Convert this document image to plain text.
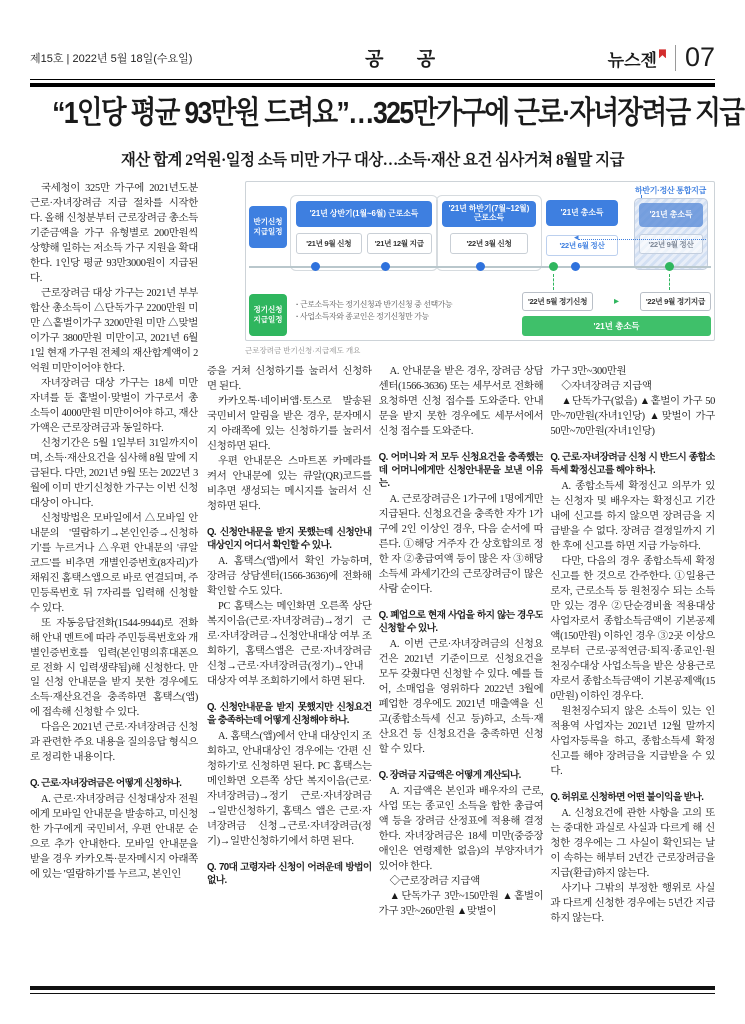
제15호 | 2022년 5월 18일(수요일)	공 공	뉴스젠	07
“1인당 평균 93만원 드려요”…325만가구에 근로·자녀장려금 지급
재산 합계 2억원·일정 소득 미만 가구 대상…소득·재산 요건 심사거쳐 8월말 지급

국세청이 325만 가구에 2021년도분 근로·자녀장려금 지급 절차를 시작한다. 올해 신청분부터 근로장려금 총소득기준금액을 가구 유형별로 200만원씩 상향해 일하는 저소득 가구 지원을 확대한다. 1인당 평균 93만3000원이 지급된다.

근로장려금 대상 가구는 2021년 부부 합산 총소득이 △단독가구 2200만원 미만 △홑벌이가구 3200만원 미만 △맞벌이가구 3800만원 미만이고, 2021년 6월 1일 현재 가구원 전체의 재산합계액이 2억원 미만이어야 한다.

자녀장려금 대상 가구는 18세 미만 자녀를 둔 홑벌이·맞벌이 가구로서 총소득이 4000만원 미만이어야 하고, 재산가액은 근로장려금과 동일하다.

신청기간은 5월 1일부터 31일까지이며, 소득·재산요건을 심사해 8월 말에 지급된다. 다만, 2021년 9월 또는 2022년 3월에 이미 반기신청한 가구는 이번 신청대상이 아니다.

신청방법은 모바일에서 △모바일 안내문의 '열람하기→본인인증→신청하기'를 누르거나 △우편 안내문의 '큐알코드'를 비추면 개별인증번호(8자리)가 채워진 홈택스앱으로 바로 연결되며, 주민등록번호 뒤 7자리를 입력해 신청할 수 있다.

또 자동응답전화(1544-9944)로 전화해 안내 멘트에 따라 주민등록번호와 개별인증번호를 입력(본인명의휴대폰으로 전화 시 입력생략됨)해 신청한다. 만일 신청 안내문을 받지 못한 경우에도 소득·재산요건을 충족하면 홈택스(앱)에 접속해 신청할 수 있다.

다음은 2021년 근로·자녀장려금 신청과 관련한 주요 내용을 질의응답 형식으로 정리한 내용이다.

Q. 근로·자녀장려금은 어떻게 신청하나.

A. 근로·자녀장려금 신청대상자 전원에게 모바일 안내문을 발송하고, 미신청한 가구에게 국민비서, 우편 안내문 순으로 추가 안내한다. 모바일 안내문을 받을 경우 카카오톡·문자메시지 아래쪽에 있는 '열람하기'를 누르고, 본인인

하반기·정산 통합지급
반기신청
지급일정
'21년 상반기(1월~6월) 근로소득
'21년 9월 신청	'21년 12월 지급
'21년 하반기(7월~12월) 근로소득
'22년 3월 신청
'21년 총소득
'22년 6월 정산
'21년 총소득
'22년 9월 정산
◂
정기신청
지급일정
· 근로소득자는 정기신청과 반기신청 중 선택가능
· 사업소득자와 종교인은 정기신청만 가능
'22년 5월 정기신청	▸	'22년 9월 정기지급
'21년 총소득
근로장려금 반기신청·지급제도 개요

증을 거쳐 신청하기를 눌러서 신청하면 된다.

카카오톡·네이버앱·토스로 발송된 국민비서 알림을 받은 경우, 문자메시지 아래쪽에 있는 신청하기를 눌러서 신청하면 된다.

우편 안내문은 스마트폰 카메라를 켜서 안내문에 있는 큐알(QR)코드를 비추면 생성되는 메시지를 눌러서 신청하면 된다.

Q. 신청안내문을 받지 못했는데 신청안내 대상인지 어디서 확인할 수 있나.

A. 홈택스(앱)에서 확인 가능하며, 장려금 상담센터(1566-3636)에 전화해 확인할 수도 있다.

PC 홈택스는 메인화면 오른쪽 상단 복지이음(근로·자녀장려금)→정기 근로·자녀장려금→신청안내대상 여부 조회하기, 홈택스앱은 근로·자녀장려금 신청→근로·자녀장려금(정기)→안내대상자 여부 조회하기에서 하면 된다.

Q. 신청안내문을 받지 못했지만 신청요건을 충족하는데 어떻게 신청해야 하나.

A. 홈택스(앱)에서 안내 대상인지 조회하고, 안내대상인 경우에는 '간편 신청하기'로 신청하면 된다. PC 홈택스는 메인화면 오른쪽 상단 복지이음(근로·자녀장려금)→정기 근로·자녀장려금→일반신청하기, 홈택스 앱은 근로·자녀장려금 신청→근로·자녀장려금(정기)→일반신청하기에서 하면 된다.

Q. 70대 고령자라 신청이 어려운데 방법이 없나.

A. 안내문을 받은 경우, 장려금 상담센터(1566-3636) 또는 세무서로 전화해 요청하면 신청 접수를 도와준다. 안내문을 받지 못한 경우에도 세무서에서 신청 접수를 도와준다.

Q. 어머니와 저 모두 신청요건을 충족했는데 어머니에게만 신청안내문을 보낸 이유는.

A. 근로장려금은 1가구에 1명에게만 지급된다. 신청요건을 충족한 자가 1가구에 2인 이상인 경우, 다음 순서에 따른다. ①해당 거주자 간 상호합의로 정한 자 ②총급여액 등이 많은 자 ③해당 소득세 과세기간의 근로장려금이 많은 사람 순이다.

Q. 폐업으로 현재 사업을 하지 않는 경우도 신청할 수 있나.

A. 이번 근로·자녀장려금의 신청요건은 2021년 기준이므로 신청요건을 모두 갖췄다면 신청할 수 있다. 예를 들어, 소매업을 영위하다 2022년 3월에 폐업한 경우에도 2021년 매출액을 신고(종합소득세 신고 등)하고, 소득·재산요건 등 신청요건을 충족하면 신청할 수 있다.

Q. 장려금 지급액은 어떻게 계산되나.

A. 지급액은 본인과 배우자의 근로, 사업 또는 종교인 소득을 합한 총급여액 등을 장려금 산정표에 적용해 결정한다. 자녀장려금은 18세 미만(중증장애인은 연령제한 없음)의 부양자녀가 있어야 한다.

◇근로장려금 지급액

▲단독가구 3만~150만원 ▲홑벌이 가구 3만~260만원 ▲맞벌이

가구 3만~300만원

◇자녀장려금 지급액

▲단독가구(없음) ▲홑벌이 가구 50만~70만원(자녀1인당) ▲맞벌이 가구 50만~70만원(자녀1인당)

Q. 근로·자녀장려금 신청 시 반드시 종합소득세 확정신고를 해야 하나.

A. 종합소득세 확정신고 의무가 있는 신청자 및 배우자는 확정신고 기간 내에 신고를 하지 않으면 장려금을 지급받을 수 없다. 장려금 결정일까지 기한 후에 신고를 하면 지급 가능하다.

다만, 다음의 경우 종합소득세 확정신고를 한 것으로 간주한다. ①일용근로자, 근로소득 등 원천징수 되는 소득만 있는 경우 ②단순경비율 적용대상 사업자로서 종합소득금액이 기본공제액(150만원) 이하인 경우 ③2곳 이상으로부터 근로·공적연금·퇴직·종교인·원천징수대상 사업소득을 받은 상용근로자로서 종합소득금액이 기본공제액(150만원) 이하인 경우다.

원천징수되지 않은 소득이 있는 인적용역 사업자는 2021년 12월 말까지 사업자등록을 하고, 종합소득세 확정신고를 해야 장려금을 지급받을 수 있다.

Q. 허위로 신청하면 어떤 불이익을 받나.

A. 신청요건에 관한 사항을 고의 또는 중대한 과실로 사실과 다르게 해 신청한 경우에는 그 사실이 확인되는 날이 속하는 해부터 2년간 근로장려금을 지급(환급)하지 않는다.

사기나 그밖의 부정한 행위로 사실과 다르게 신청한 경우에는 5년간 지급하지 않는다.
